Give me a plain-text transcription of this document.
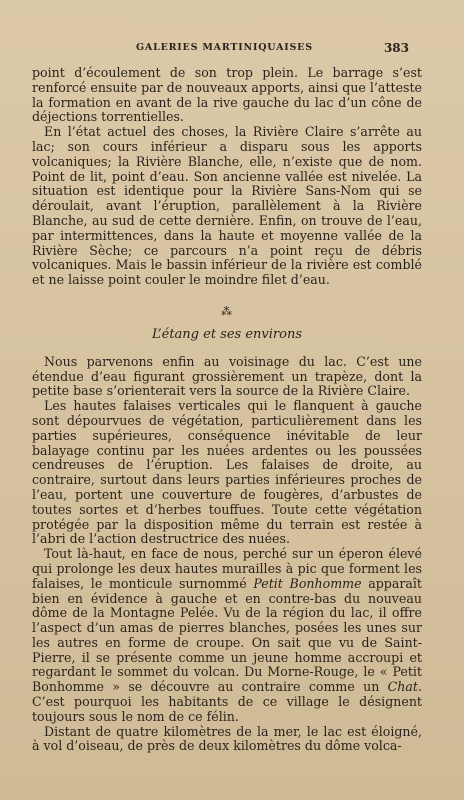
GALERIES MARTINIQUAISES	383

point d’écoulement de son trop plein. Le barrage s’est renforcé ensuite par de nouveaux apports, ainsi que l’atteste la formation en avant de la rive gauche du lac d’un cône de déjections torrentielles.

En l’état actuel des choses, la Rivière Claire s’arrête au lac; son cours inférieur a disparu sous les apports volcaniques; la Rivière Blanche, elle, n’existe que de nom. Point de lit, point d’eau. Son ancienne vallée est nivelée. La situation est identique pour la Rivière Sans-Nom qui se déroulait, avant l’éruption, parallèlement à la Rivière Blanche, au sud de cette dernière. Enfin, on trouve de l’eau, par intermittences, dans la haute et moyenne vallée de la Rivière Sèche; ce parcours n’a point reçu de débris volcaniques. Mais le bassin inférieur de la rivière est comblé et ne laisse point couler le moindre filet d’eau.

⁂
L’étang et ses environs

Nous parvenons enfin au voisinage du lac. C’est une étendue d’eau figurant grossièrement un trapèze, dont la petite base s’orienterait vers la source de la Rivière Claire.

Les hautes falaises verticales qui le flanquent à gauche sont dépourvues de végétation, particulièrement dans les parties supérieures, conséquence inévitable de leur balayage continu par les nuées ardentes ou les poussées cendreuses de l’éruption. Les falaises de droite, au contraire, surtout dans leurs parties inférieures proches de l’eau, portent une couverture de fougères, d’arbustes de toutes sortes et d’herbes touffues. Toute cette végétation protégée par la disposition même du terrain est restée à l’abri de l’action destructrice des nuées.

Tout là-haut, en face de nous, perché sur un éperon élevé qui prolonge les deux hautes murailles à pic que forment les falaises, le monticule surnommé Petit Bonhomme apparaît bien en évidence à gauche et en contre-bas du nouveau dôme de la Montagne Pelée. Vu de la région du lac, il offre l’aspect d’un amas de pierres blanches, posées les unes sur les autres en forme de croupe. On sait que vu de Saint-Pierre, il se présente comme un jeune homme accroupi et regardant le sommet du volcan. Du Morne-Rouge, le « Petit Bonhomme » se découvre au contraire comme un Chat. C’est pourquoi les habitants de ce village le désignent toujours sous le nom de ce félin.

Distant de quatre kilomètres de la mer, le lac est éloigné, à vol d’oiseau, de près de deux kilomètres du dôme volca-
